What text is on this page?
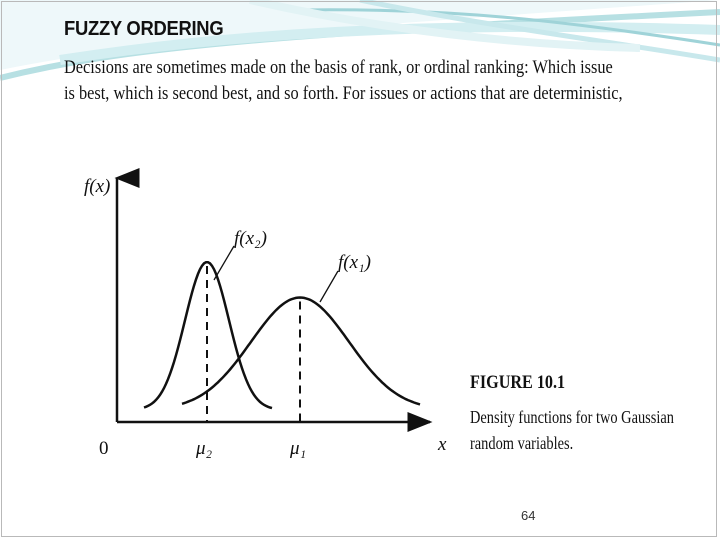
FUZZY ORDERING
Decisions are sometimes made on the basis of rank, or ordinal ranking: Which issue
is best, which is second best, and so forth. For issues or actions that are deterministic,
f(x)
x
0
f(x₂)
f(x₁)
μ₂	μ₁
FIGURE 10.1
Density functions for two Gaussian
random variables.
64
